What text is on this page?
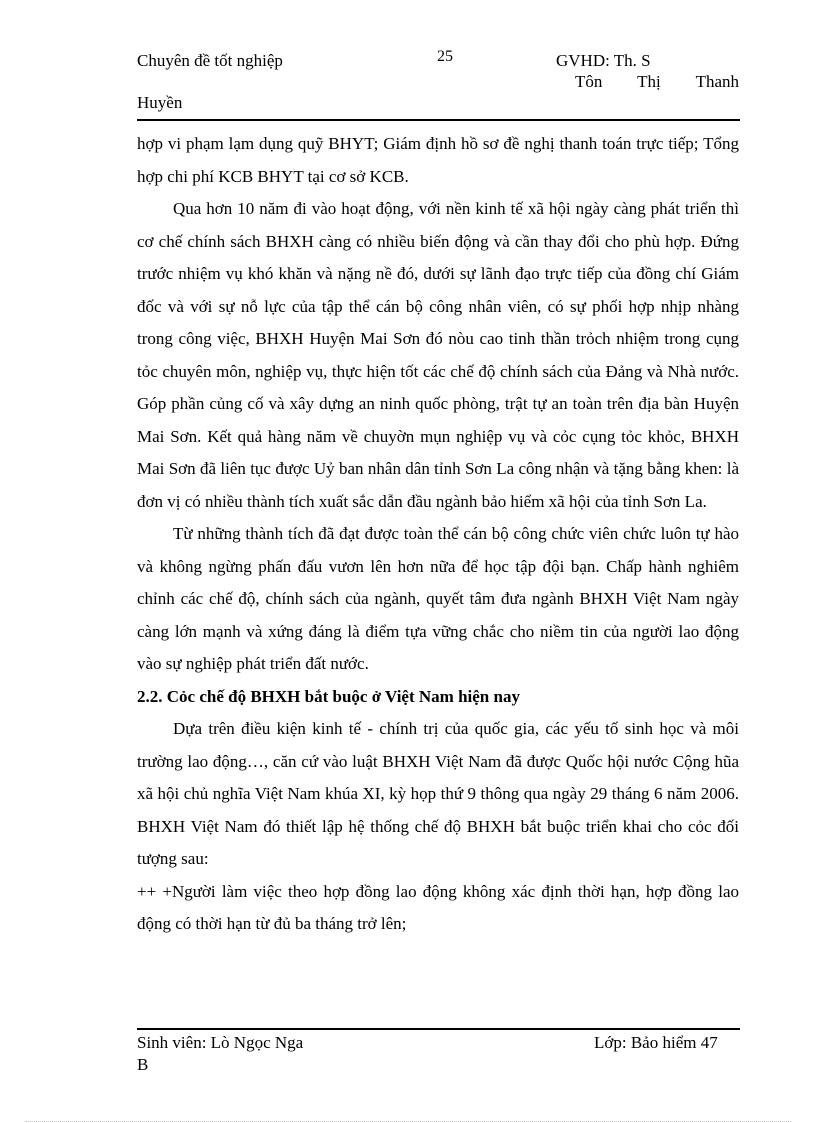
Chuyên đề tốt nghiệp	25	GVHD: Th. S
Tôn Thị Thanh
Huyền

hợp vi phạm lạm dụng quỹ BHYT; Giám định hồ sơ đề nghị thanh toán trực tiếp; Tổng hợp chi phí KCB BHYT tại cơ sở KCB.

Qua hơn 10 năm đi vào hoạt động, với nền kinh tế xã hội ngày càng phát triển thì cơ chế chính sách BHXH càng có nhiều biến động và cần thay đổi cho phù hợp. Đứng trước nhiệm vụ khó khăn và nặng nề đó, dưới sự lãnh đạo trực tiếp của đồng chí Giám đốc và với sự nỗ lực của tập thể cán bộ công nhân viên, có sự phối hợp nhịp nhàng trong công việc, BHXH Huyện Mai Sơn đó nòu cao tinh thần trỏch nhiệm trong cụng tỏc chuyên môn, nghiệp vụ, thực hiện tốt các chế độ chính sách của Đảng và Nhà nước. Góp phần củng cố và xây dựng an ninh quốc phòng, trật tự an toàn trên địa bàn Huyện Mai Sơn. Kết quả hàng năm về chuyờn mụn nghiệp vụ và cỏc cụng tỏc khỏc, BHXH Mai Sơn đã liên tục được Uỷ ban nhân dân tỉnh Sơn La công nhận và tặng bằng khen: là đơn vị có nhiều thành tích xuất sắc dẫn đầu ngành bảo hiểm xã hội của tỉnh Sơn La.

Từ những thành tích đã đạt được toàn thể cán bộ công chức viên chức luôn tự hào và không ngừng phấn đấu vươn lên hơn nữa để học tập đội bạn. Chấp hành nghiêm chỉnh các chế độ, chính sách của ngành, quyết tâm đưa ngành BHXH Việt Nam ngày càng lớn mạnh và xứng đáng là điểm tựa vững chắc cho niềm tin của người lao động vào sự nghiệp phát triển đất nước.

2.2. Cỏc chế độ BHXH bắt buộc ở Việt Nam hiện nay

Dựa trên điều kiện kinh tế - chính trị của quốc gia, các yếu tố sinh học và môi trường lao động…, căn cứ vào luật BHXH Việt Nam đã được Quốc hội nước Cộng hũa xã hội chủ nghĩa Việt Nam khúa XI, kỳ họp thứ 9 thông qua ngày 29 tháng 6 năm 2006. BHXH Việt Nam đó thiết lập hệ thống chế độ BHXH bắt buộc triển khai cho cỏc đối tượng sau:

++ +Người làm việc theo hợp đồng lao động không xác định thời hạn, hợp đồng lao động có thời hạn từ đủ ba tháng trở lên;

Sinh viên: Lò Ngọc Nga	Lớp: Bảo hiểm 47
B
